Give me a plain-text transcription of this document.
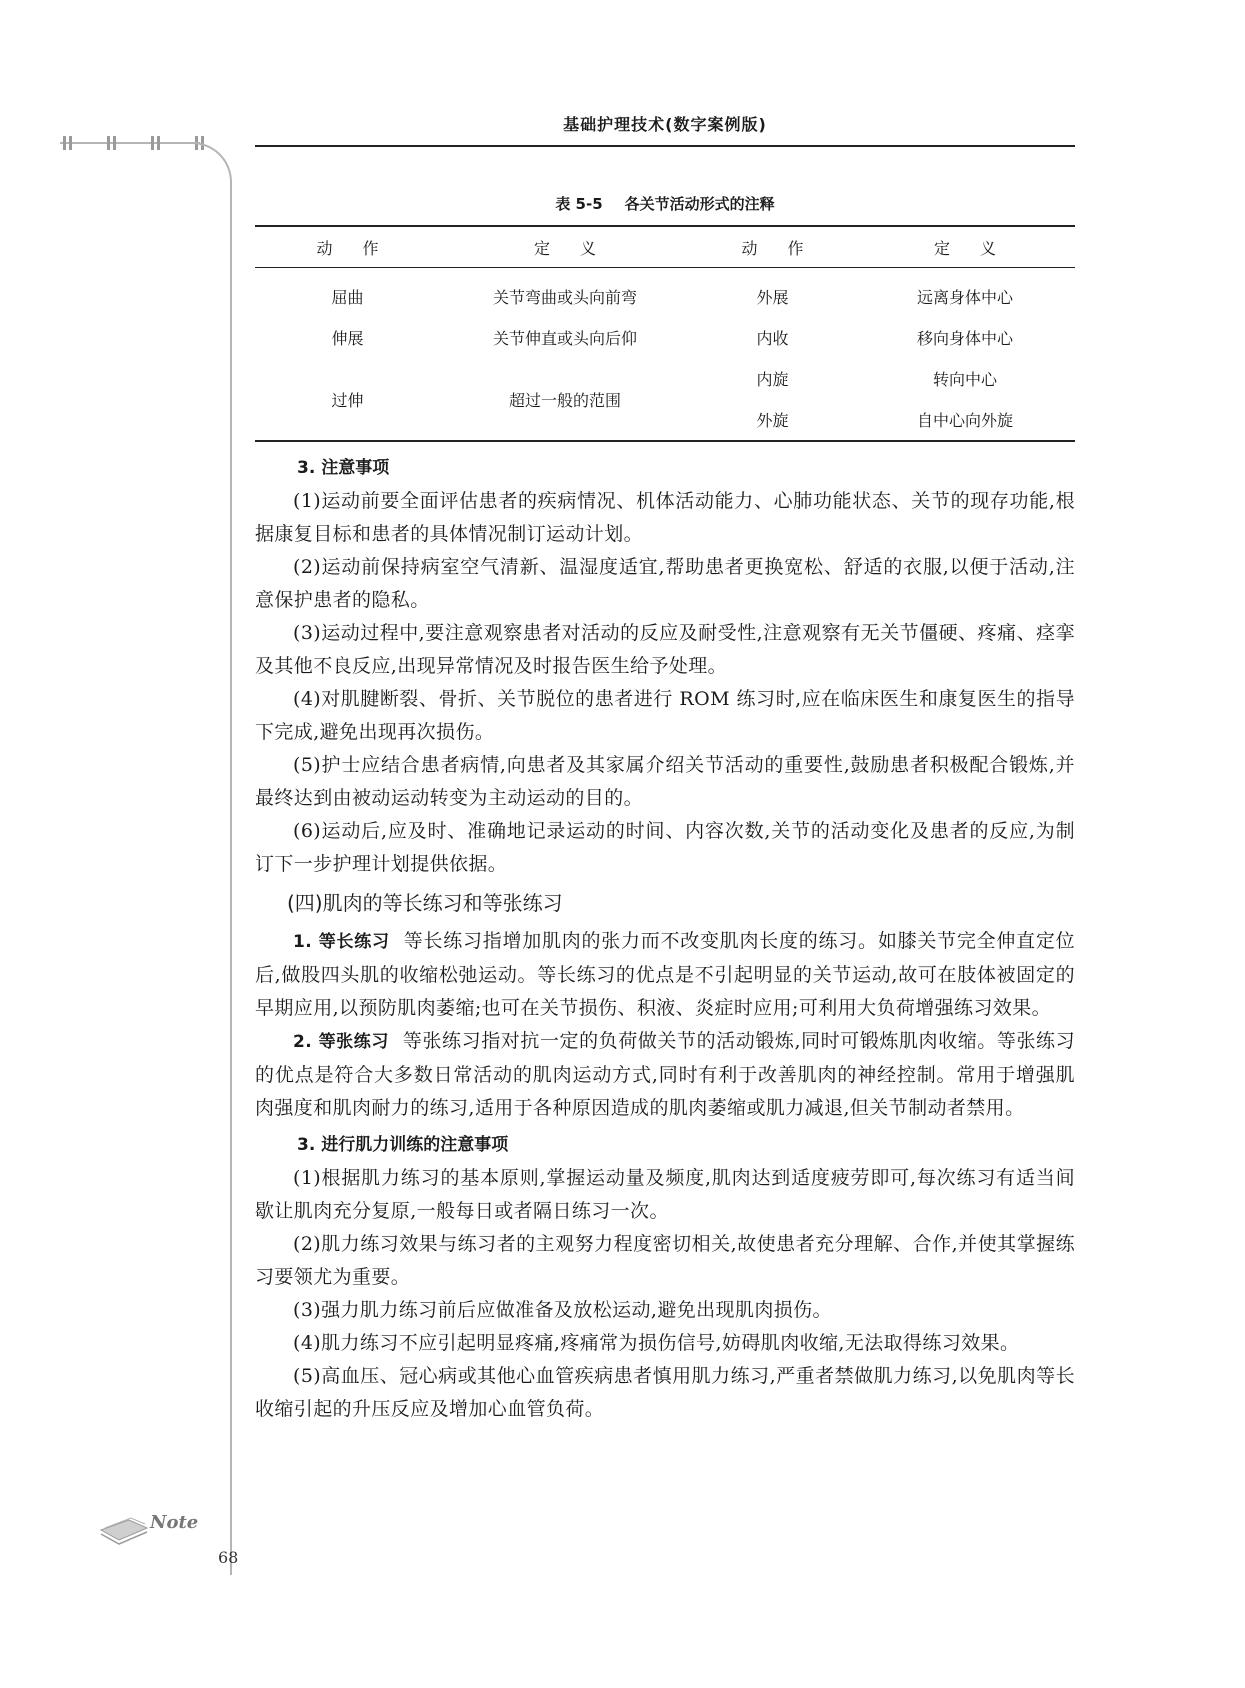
基础护理技术(数字案例版)
表 5-5 各关节活动形式的注释
动作	定义	动作	定义
屈曲	关节弯曲或头向前弯	外展	远离身体中心
伸展	关节伸直或头向后仰	内收	移向身体中心
过伸	超过一般的范围	内旋	转向中心
		外旋	自中心向外旋
3. 注意事项

(1)运动前要全面评估患者的疾病情况、机体活动能力、心肺功能状态、关节的现存功能,根据康复目标和患者的具体情况制订运动计划。

(2)运动前保持病室空气清新、温湿度适宜,帮助患者更换宽松、舒适的衣服,以便于活动,注意保护患者的隐私。

(3)运动过程中,要注意观察患者对活动的反应及耐受性,注意观察有无关节僵硬、疼痛、痉挛及其他不良反应,出现异常情况及时报告医生给予处理。

(4)对肌腱断裂、骨折、关节脱位的患者进行 ROM 练习时,应在临床医生和康复医生的指导下完成,避免出现再次损伤。

(5)护士应结合患者病情,向患者及其家属介绍关节活动的重要性,鼓励患者积极配合锻炼,并最终达到由被动运动转变为主动运动的目的。

(6)运动后,应及时、准确地记录运动的时间、内容次数,关节的活动变化及患者的反应,为制订下一步护理计划提供依据。

(四)肌肉的等长练习和等张练习

1. 等长练习 等长练习指增加肌肉的张力而不改变肌肉长度的练习。如膝关节完全伸直定位后,做股四头肌的收缩松弛运动。等长练习的优点是不引起明显的关节运动,故可在肢体被固定的早期应用,以预防肌肉萎缩;也可在关节损伤、积液、炎症时应用;可利用大负荷增强练习效果。

2. 等张练习 等张练习指对抗一定的负荷做关节的活动锻炼,同时可锻炼肌肉收缩。等张练习的优点是符合大多数日常活动的肌肉运动方式,同时有利于改善肌肉的神经控制。常用于增强肌肉强度和肌肉耐力的练习,适用于各种原因造成的肌肉萎缩或肌力减退,但关节制动者禁用。

3. 进行肌力训练的注意事项

(1)根据肌力练习的基本原则,掌握运动量及频度,肌肉达到适度疲劳即可,每次练习有适当间歇让肌肉充分复原,一般每日或者隔日练习一次。

(2)肌力练习效果与练习者的主观努力程度密切相关,故使患者充分理解、合作,并使其掌握练习要领尤为重要。

(3)强力肌力练习前后应做准备及放松运动,避免出现肌肉损伤。

(4)肌力练习不应引起明显疼痛,疼痛常为损伤信号,妨碍肌肉收缩,无法取得练习效果。

(5)高血压、冠心病或其他心血管疾病患者慎用肌力练习,严重者禁做肌力练习,以免肌肉等长收缩引起的升压反应及增加心血管负荷。

Note
68
